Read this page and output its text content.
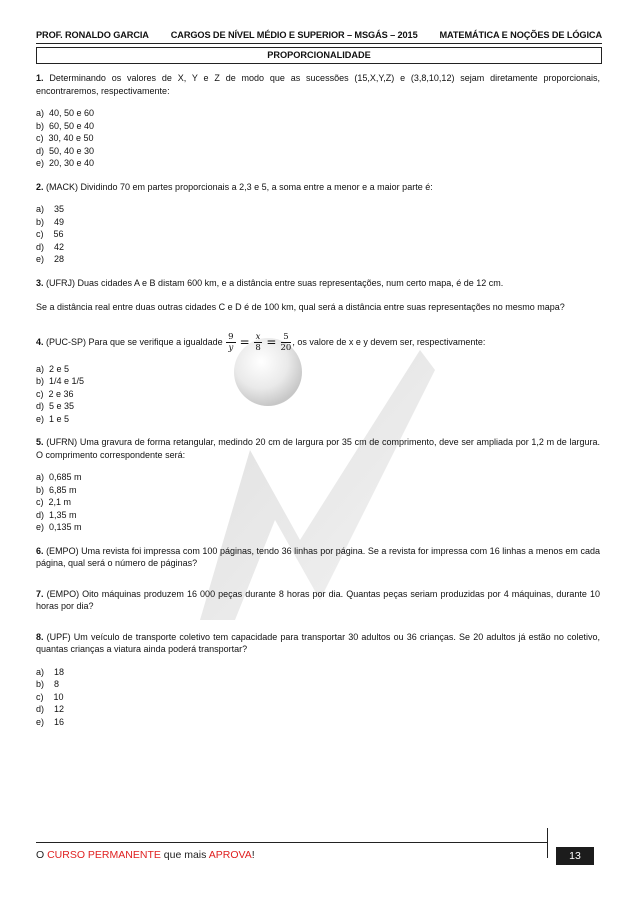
PROF. RONALDO GARCIA CARGOS DE NÍVEL MÉDIO E SUPERIOR – MSGÁS – 2015 MATEMÁTICA E NOÇÕES DE LÓGICA
PROPORCIONALIDADE

1. Determinando os valores de X, Y e Z de modo que as sucessões (15,X,Y,Z) e (3,8,10,12) sejam diretamente proporcionais, encontraremos, respectivamente:

a)  40, 50 e 60
b)  60, 50 e 40
c)  30, 40 e 50
d)  50, 40 e 30
e)  20, 30 e 40

2. (MACK) Dividindo 70 em partes proporcionais a 2,3 e 5, a soma entre a menor e a maior parte é:

a)    35
b)    49
c)    56
d)    42
e)    28

3. (UFRJ) Duas cidades A e B distam 600 km, e a distância entre suas representações, num certo mapa, é de 12 cm.

Se a distância real entre duas outras cidades C e D é de 100 km, qual será a distância entre suas representações no mesmo mapa?

4. (PUC-SP) Para que se verifique a igualdade $\frac{9}{y} = \frac{x}{8} = \frac{5}{20}$ , os valore de x e y devem ser, respectivamente:

a)  2 e 5
b)  1/4 e 1/5
c)  2 e 36
d)  5 e 35
e)  1 e 5

5. (UFRN) Uma gravura de forma retangular, medindo 20 cm de largura por 35 cm de comprimento, deve ser ampliada por 1,2 m de largura. O comprimento correspondente será:

a)  0,685 m
b)  6,85 m
c)  2,1 m
d)  1,35 m
e)  0,135 m

6. (EMPO) Uma revista foi impressa com 100 páginas, tendo 36 linhas por página. Se a revista for impressa com 16 linhas a menos em cada página, qual será o número de páginas?

7. (EMPO) Oito máquinas produzem 16 000 peças durante 8 horas por dia. Quantas peças seriam produzidas por 4 máquinas, durante 10 horas por dia?

8. (UPF) Um veículo de transporte coletivo tem capacidade para transportar 30 adultos ou 36 crianças. Se 20 adultos já estão no coletivo, quantas crianças a viatura ainda poderá transportar?

a)    18
b)    8
c)    10
d)    12
e)    16
O CURSO PERMANENTE que mais APROVA!	13
